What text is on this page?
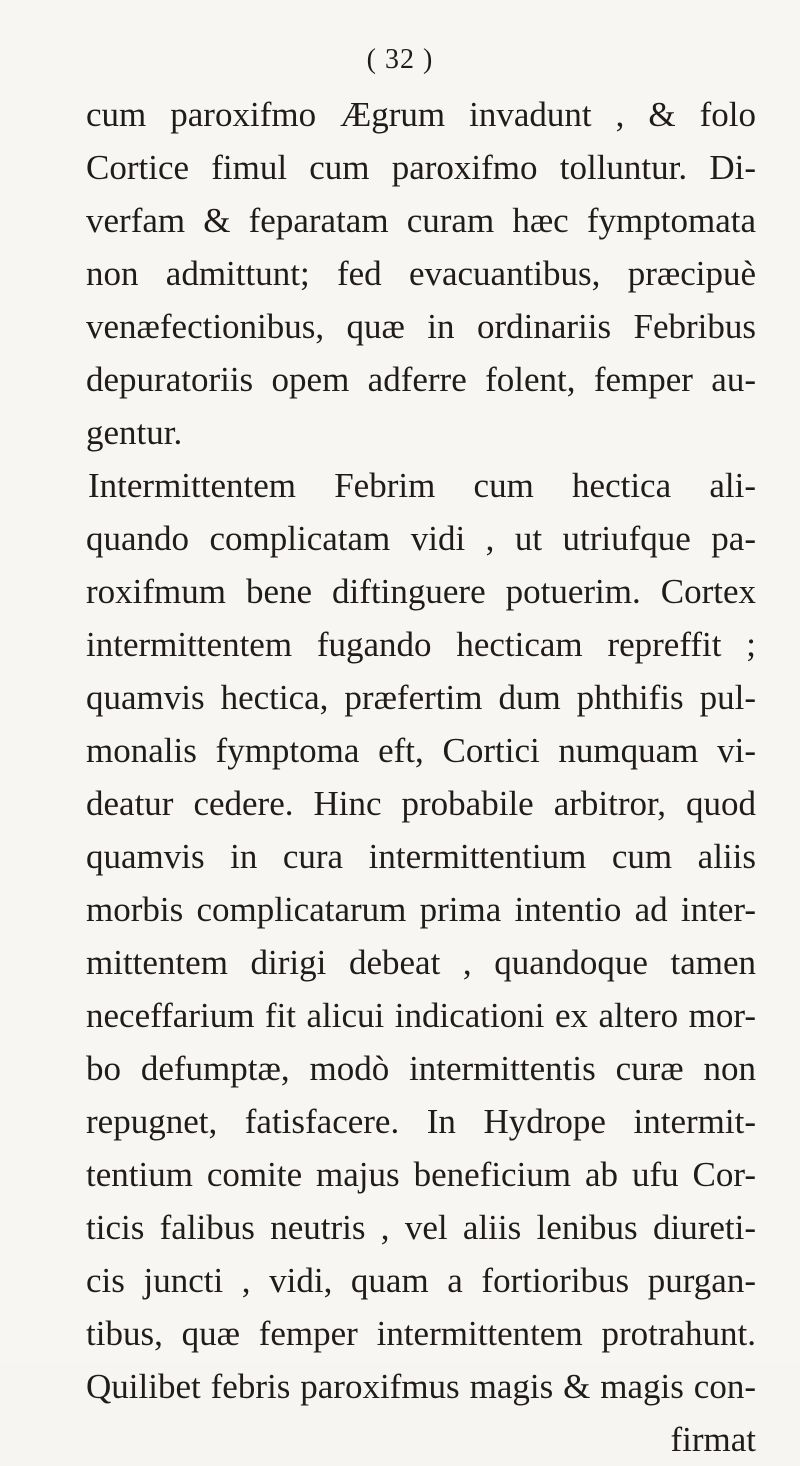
( 32 )
cum paroxifmo Ægrum invadunt , & folo
Cortice fimul cum paroxifmo tolluntur. Di-
verfam & feparatam curam hæc fymptomata
non admittunt; fed evacuantibus, præcipuè
venæfectionibus, quæ in ordinariis Febribus
depuratoriis opem adferre folent, femper au-
gentur.
Intermittentem Febrim cum hectica ali-
quando complicatam vidi , ut utriufque pa-
roxifmum bene diftinguere potuerim. Cortex
intermittentem fugando hecticam repreffit ;
quamvis hectica, præfertim dum phthifis pul-
monalis fymptoma eft, Cortici numquam vi-
deatur cedere. Hinc probabile arbitror, quod
quamvis in cura intermittentium cum aliis
morbis complicatarum prima intentio ad inter-
mittentem dirigi debeat , quandoque tamen
neceffarium fit alicui indicationi ex altero mor-
bo defumptæ, modò intermittentis curæ non
repugnet, fatisfacere. In Hydrope intermit-
tentium comite majus beneficium ab ufu Cor-
ticis falibus neutris , vel aliis lenibus diureti-
cis juncti , vidi, quam a fortioribus purgan-
tibus, quæ femper intermittentem protrahunt.
Quilibet febris paroxifmus magis & magis con-
firmat
